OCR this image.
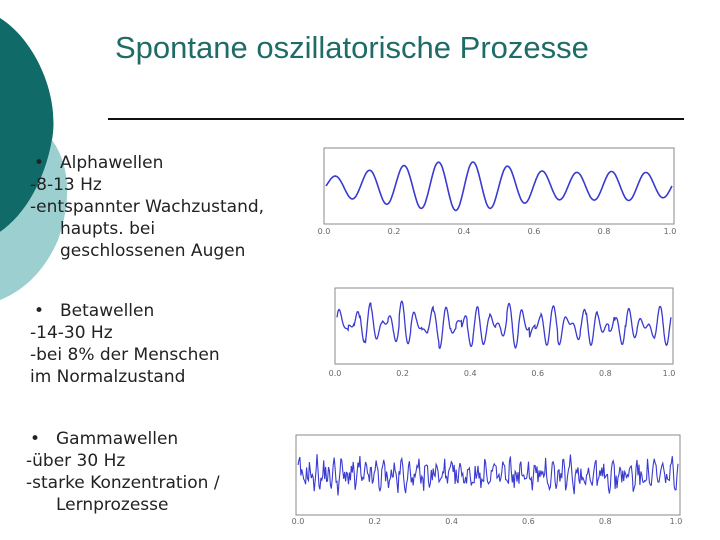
Spontane oszillatorische Prozesse
• Alphawellen
-8-13 Hz
-entspannter Wachzustand,
haupts. bei
geschlossenen Augen
• Betawellen
-14-30 Hz
-bei 8% der Menschen
im Normalzustand
• Gammawellen
-über 30 Hz
-starke Konzentration /
Lernprozesse
0.0	0.2	0.4	0.6	0.8	1.0
0.0	0.2	0.4	0.6	0.8	1.0
0.0	0.2	0.4	0.6	0.8	1.0
